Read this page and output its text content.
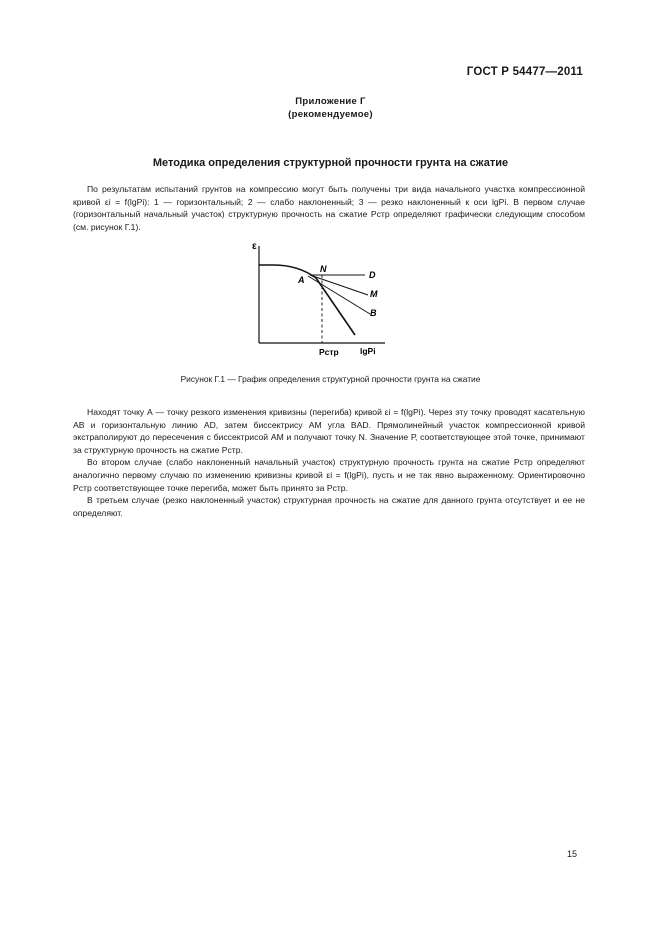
ГОСТ Р 54477—2011
Приложение Г
(рекомендуемое)
Методика определения структурной прочности грунта на сжатие

По результатам испытаний грунтов на компрессию могут быть получены три вида начального участка компрессионной кривой εi = f(lgPi): 1 — горизонтальный; 2 — слабо наклоненный; 3 — резко наклоненный к оси lgPi. В первом случае (горизонтальный начальный участок) структурную прочность на сжатие Pстр определяют графически следующим способом (см. рисунок Г.1).

ε
A
N
D
M
B
Pстр lgPi
Рисунок Г.1 — График определения структурной прочности грунта на сжатие

Находят точку А — точку резкого изменения кривизны (перегиба) кривой εi = f(lgPi). Через эту точку проводят касательную АВ и горизонтальную линию AD, затем биссектрису AM угла BAD. Прямолинейный участок компрессионной кривой экстраполируют до пересечения с биссектрисой AM и получают точку N. Значение Р, соответствующее этой точке, принимают за структурную прочность на сжатие Pстр.

Во втором случае (слабо наклоненный начальный участок) структурную прочность грунта на сжатие Pстр определяют аналогично первому случаю по изменению кривизны кривой εi = f(lgPi), пусть и не так явно выраженному. Ориентировочно Pстр соответствующее точке перегиба, может быть принято за Pстр.

В третьем случае (резко наклоненный участок) структурная прочность на сжатие для данного грунта отсутствует и ее не определяют.

15
